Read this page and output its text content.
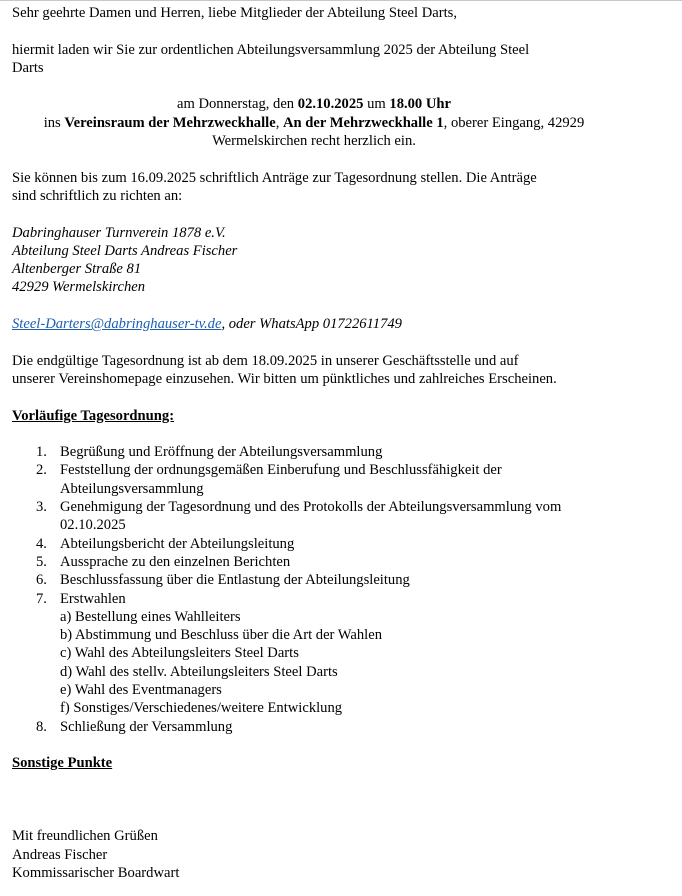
Sehr geehrte Damen und Herren, liebe Mitglieder der Abteilung Steel Darts,

hiermit laden wir Sie zur ordentlichen Abteilungsversammlung 2025 der Abteilung Steel

Darts

am Donnerstag, den 02.10.2025 um 18.00 Uhr

ins Vereinsraum der Mehrzweckhalle, An der Mehrzweckhalle 1, oberer Eingang, 42929

Wermelskirchen recht herzlich ein.

Sie können bis zum 16.09.2025 schriftlich Anträge zur Tagesordnung stellen. Die Anträge

sind schriftlich zu richten an:

Dabringhauser Turnverein 1878 e.V.

Abteilung Steel Darts Andreas Fischer

Altenberger Straße 81

42929 Wermelskirchen

Steel-Darters@dabringhauser-tv.de, oder WhatsApp 01722611749

Die endgültige Tagesordnung ist ab dem 18.09.2025 in unserer Geschäftsstelle und auf

unserer Vereinshomepage einzusehen. Wir bitten um pünktliches und zahlreiches Erscheinen.

Vorläufige Tagesordnung:

1. Begrüßung und Eröffnung der Abteilungsversammlung
2. Feststellung der ordnungsgemäßen Einberufung und Beschlussfähigkeit der
Abteilungsversammlung
3. Genehmigung der Tagesordnung und des Protokolls der Abteilungsversammlung vom
02.10.2025
4. Abteilungsbericht der Abteilungsleitung
5. Aussprache zu den einzelnen Berichten
6. Beschlussfassung über die Entlastung der Abteilungsleitung
7. Erstwahlen
a) Bestellung eines Wahlleiters
b) Abstimmung und Beschluss über die Art der Wahlen
c) Wahl des Abteilungsleiters Steel Darts
d) Wahl des stellv. Abteilungsleiters Steel Darts
e) Wahl des Eventmanagers
f) Sonstiges/Verschiedenes/weitere Entwicklung
8. Schließung der Versammlung

Sonstige Punkte

Mit freundlichen Grüßen

Andreas Fischer

Kommissarischer Boardwart
